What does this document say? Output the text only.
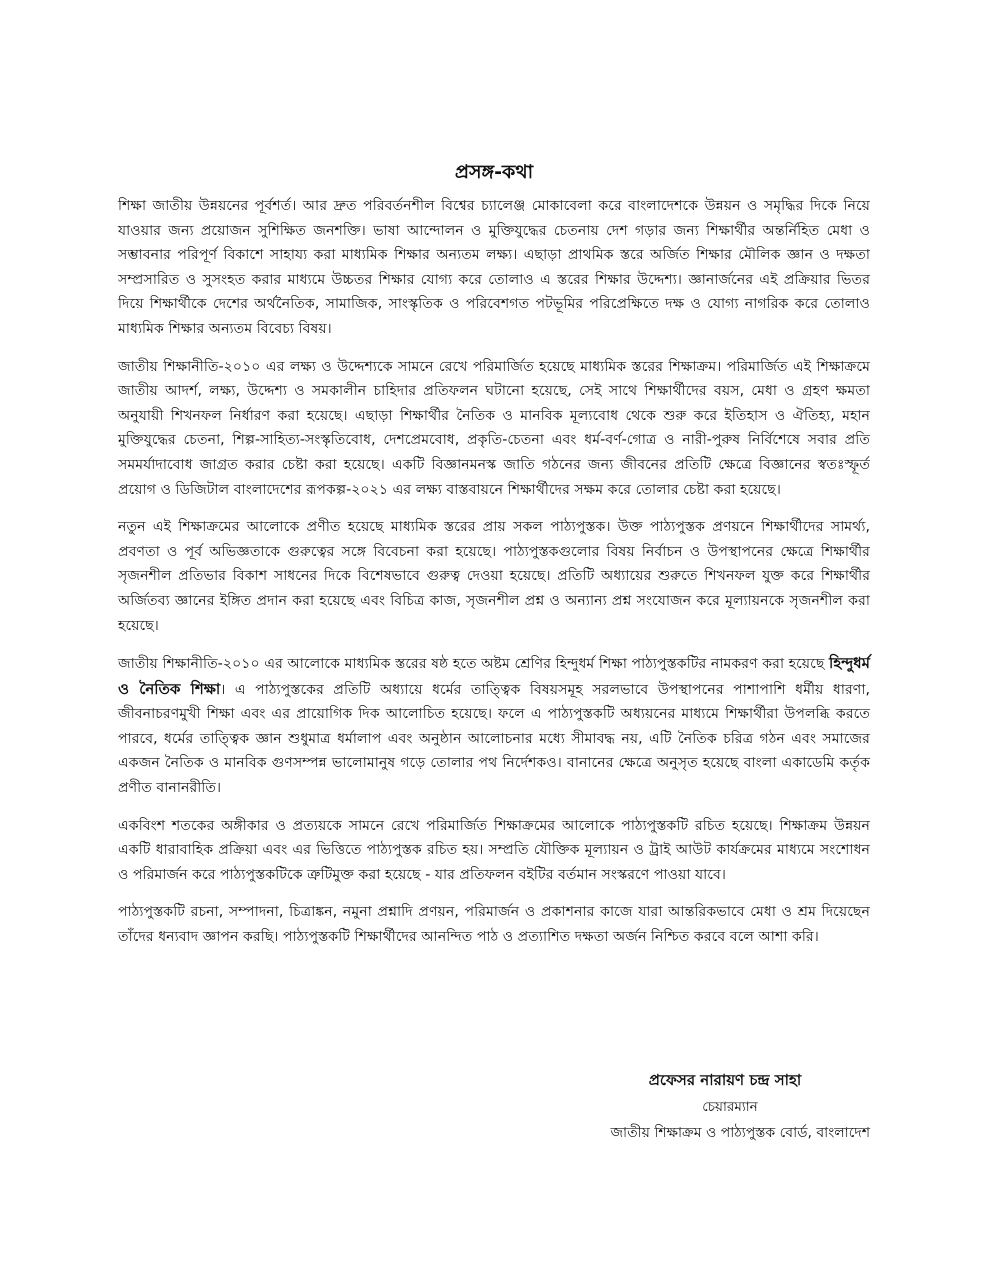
প্রসঙ্গ-কথা

শিক্ষা জাতীয় উন্নয়নের পূর্বশর্ত। আর দ্রুত পরিবর্তনশীল বিশ্বের চ্যালেঞ্জ মোকাবেলা করে বাংলাদেশকে উন্নয়ন ও সমৃদ্ধির দিকে নিয়ে যাওয়ার জন্য প্রয়োজন সুশিক্ষিত জনশক্তি। ভাষা আন্দোলন ও মুক্তিযুদ্ধের চেতনায় দেশ গড়ার জন্য শিক্ষার্থীর অন্তর্নিহিত মেধা ও সম্ভাবনার পরিপূর্ণ বিকাশে সাহায্য করা মাধ্যমিক শিক্ষার অন্যতম লক্ষ্য। এছাড়া প্রাথমিক স্তরে অর্জিত শিক্ষার মৌলিক জ্ঞান ও দক্ষতা সম্প্রসারিত ও সুসংহত করার মাধ্যমে উচ্চতর শিক্ষার যোগ্য করে তোলাও এ স্তরের শিক্ষার উদ্দেশ্য। জ্ঞানার্জনের এই প্রক্রিয়ার ভিতর দিয়ে শিক্ষার্থীকে দেশের অর্থনৈতিক, সামাজিক, সাংস্কৃতিক ও পরিবেশগত পটভূমির পরিপ্রেক্ষিতে দক্ষ ও যোগ্য নাগরিক করে তোলাও মাধ্যমিক শিক্ষার অন্যতম বিবেচ্য বিষয়।

জাতীয় শিক্ষানীতি-২০১০ এর লক্ষ্য ও উদ্দেশ্যকে সামনে রেখে পরিমার্জিত হয়েছে মাধ্যমিক স্তরের শিক্ষাক্রম। পরিমার্জিত এই শিক্ষাক্রমে জাতীয় আদর্শ, লক্ষ্য, উদ্দেশ্য ও সমকালীন চাহিদার প্রতিফলন ঘটানো হয়েছে, সেই সাথে শিক্ষার্থীদের বয়স, মেধা ও গ্রহণ ক্ষমতা অনুযায়ী শিখনফল নির্ধারণ করা হয়েছে। এছাড়া শিক্ষার্থীর নৈতিক ও মানবিক মূল্যবোধ থেকে শুরু করে ইতিহাস ও ঐতিহ্য, মহান মুক্তিযুদ্ধের চেতনা, শিল্প-সাহিত্য-সংস্কৃতিবোধ, দেশপ্রেমবোধ, প্রকৃতি-চেতনা এবং ধর্ম-বর্ণ-গোত্র ও নারী-পুরুষ নির্বিশেষে সবার প্রতি সমমর্যাদাবোধ জাগ্রত করার চেষ্টা করা হয়েছে। একটি বিজ্ঞানমনস্ক জাতি গঠনের জন্য জীবনের প্রতিটি ক্ষেত্রে বিজ্ঞানের স্বতঃস্ফূর্ত প্রয়োগ ও ডিজিটাল বাংলাদেশের রূপকল্প-২০২১ এর লক্ষ্য বাস্তবায়নে শিক্ষার্থীদের সক্ষম করে তোলার চেষ্টা করা হয়েছে।

নতুন এই শিক্ষাক্রমের আলোকে প্রণীত হয়েছে মাধ্যমিক স্তরের প্রায় সকল পাঠ্যপুস্তক। উক্ত পাঠ্যপুস্তক প্রণয়নে শিক্ষার্থীদের সামর্থ্য, প্রবণতা ও পূর্ব অভিজ্ঞতাকে গুরুত্বের সঙ্গে বিবেচনা করা হয়েছে। পাঠ্যপুস্তকগুলোর বিষয় নির্বাচন ও উপস্থাপনের ক্ষেত্রে শিক্ষার্থীর সৃজনশীল প্রতিভার বিকাশ সাধনের দিকে বিশেষভাবে গুরুত্ব দেওয়া হয়েছে। প্রতিটি অধ্যায়ের শুরুতে শিখনফল যুক্ত করে শিক্ষার্থীর অর্জিতব্য জ্ঞানের ইঙ্গিত প্রদান করা হয়েছে এবং বিচিত্র কাজ, সৃজনশীল প্রশ্ন ও অন্যান্য প্রশ্ন সংযোজন করে মূল্যায়নকে সৃজনশীল করা হয়েছে।

জাতীয় শিক্ষানীতি-২০১০ এর আলোকে মাধ্যমিক স্তরের ষষ্ঠ হতে অষ্টম শ্রেণির হিন্দুধর্ম শিক্ষা পাঠ্যপুস্তকটির নামকরণ করা হয়েছে হিন্দুধর্ম ও নৈতিক শিক্ষা। এ পাঠ্যপুস্তকের প্রতিটি অধ্যায়ে ধর্মের তাত্ত্বিক বিষয়সমূহ সরলভাবে উপস্থাপনের পাশাপাশি ধর্মীয় ধারণা, জীবনাচরণমুখী শিক্ষা এবং এর প্রায়োগিক দিক আলোচিত হয়েছে। ফলে এ পাঠ্যপুস্তকটি অধ্যয়নের মাধ্যমে শিক্ষার্থীরা উপলব্ধি করতে পারবে, ধর্মের তাত্ত্বিক জ্ঞান শুধুমাত্র ধর্মালাপ এবং অনুষ্ঠান আলোচনার মধ্যে সীমাবদ্ধ নয়, এটি নৈতিক চরিত্র গঠন এবং সমাজের একজন নৈতিক ও মানবিক গুণসম্পন্ন ভালোমানুষ গড়ে তোলার পথ নির্দেশকও। বানানের ক্ষেত্রে অনুসৃত হয়েছে বাংলা একাডেমি কর্তৃক প্রণীত বানানরীতি।

একবিংশ শতকের অঙ্গীকার ও প্রত্যয়কে সামনে রেখে পরিমার্জিত শিক্ষাক্রমের আলোকে পাঠ্যপুস্তকটি রচিত হয়েছে। শিক্ষাক্রম উন্নয়ন একটি ধারাবাহিক প্রক্রিয়া এবং এর ভিত্তিতে পাঠ্যপুস্তক রচিত হয়। সম্প্রতি যৌক্তিক মূল্যায়ন ও ট্রাই আউট কার্যক্রমের মাধ্যমে সংশোধন ও পরিমার্জন করে পাঠ্যপুস্তকটিকে ত্রুটিমুক্ত করা হয়েছে - যার প্রতিফলন বইটির বর্তমান সংস্করণে পাওয়া যাবে।

পাঠ্যপুস্তকটি রচনা, সম্পাদনা, চিত্রাঙ্কন, নমুনা প্রশ্নাদি প্রণয়ন, পরিমার্জন ও প্রকাশনার কাজে যারা আন্তরিকভাবে মেধা ও শ্রম দিয়েছেন তাঁদের ধন্যবাদ জ্ঞাপন করছি। পাঠ্যপুস্তকটি শিক্ষার্থীদের আনন্দিত পাঠ ও প্রত্যাশিত দক্ষতা অর্জন নিশ্চিত করবে বলে আশা করি।

প্রফেসর নারায়ণ চন্দ্র সাহা
চেয়ারম্যান
জাতীয় শিক্ষাক্রম ও পাঠ্যপুস্তক বোর্ড, বাংলাদেশ
